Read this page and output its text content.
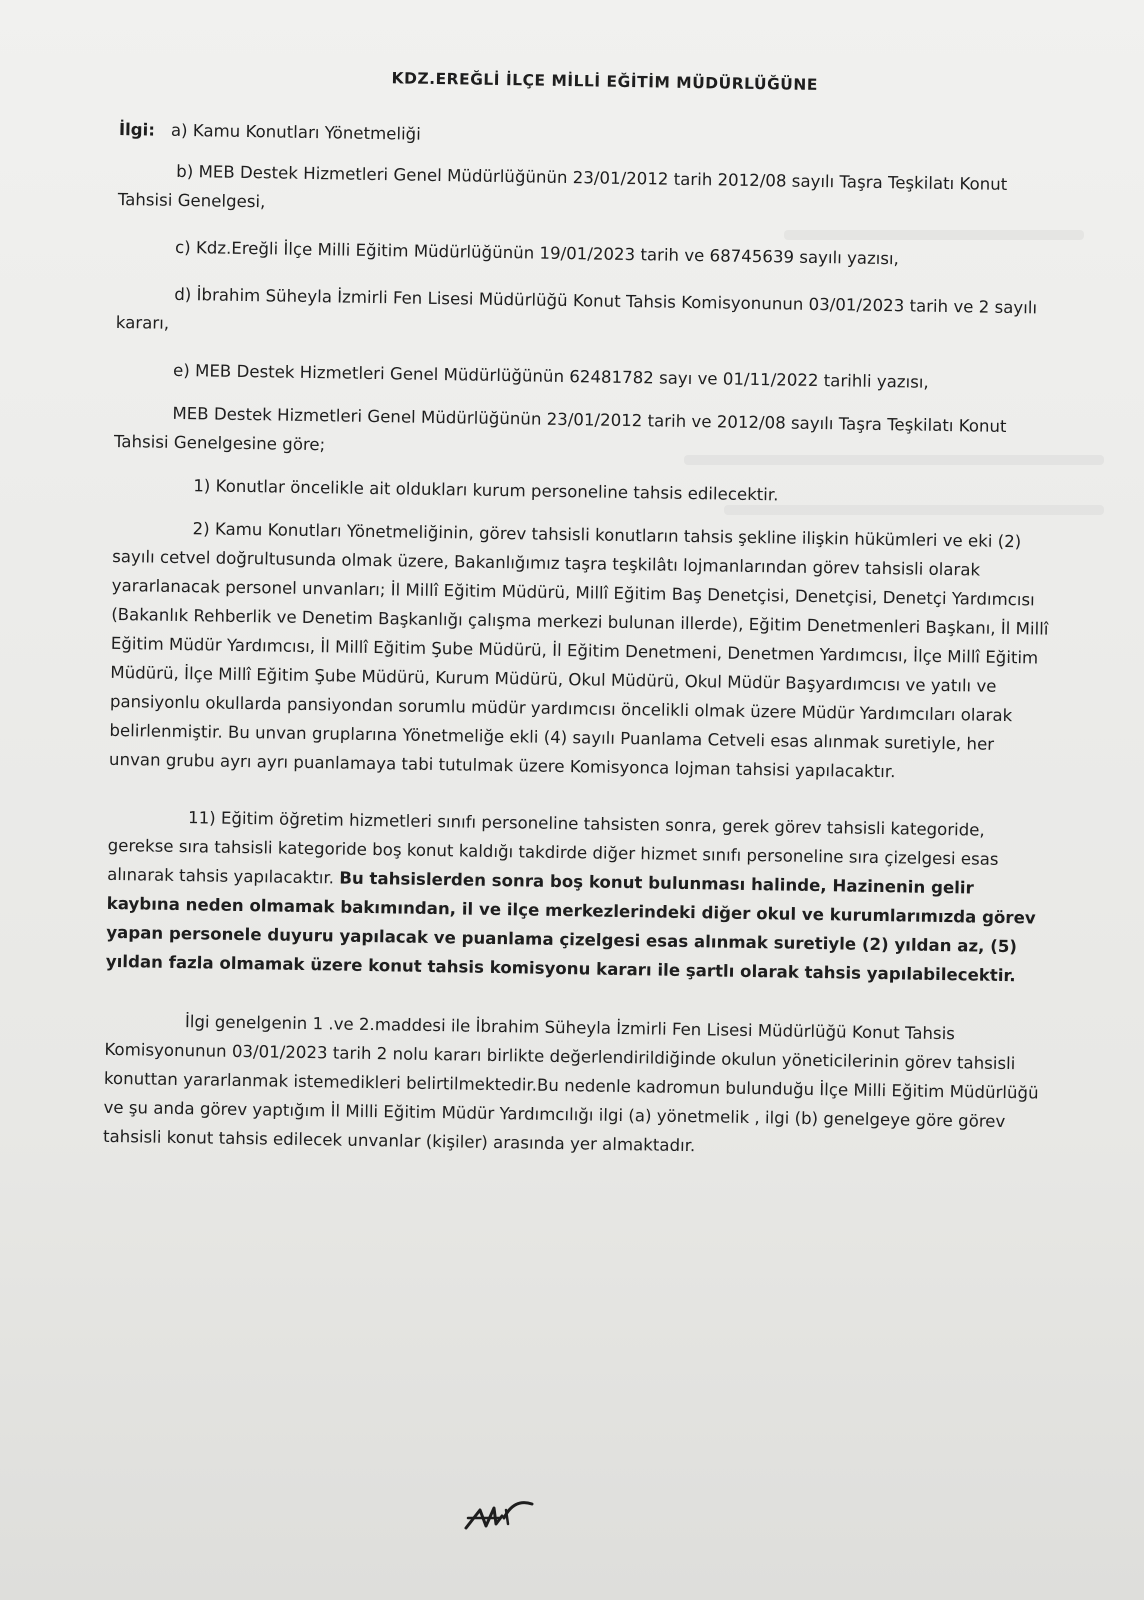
KDZ.EREĞLİ İLÇE MİLLİ EĞİTİM MÜDÜRLÜĞÜNE
İlgi: a) Kamu Konutları Yönetmeliği
b) MEB Destek Hizmetleri Genel Müdürlüğünün 23/01/2012 tarih 2012/08 sayılı Taşra Teşkilatı Konut Tahsisi Genelgesi,
c) Kdz.Ereğli İlçe Milli Eğitim Müdürlüğünün 19/01/2023 tarih ve 68745639 sayılı yazısı,
d) İbrahim Süheyla İzmirli Fen Lisesi Müdürlüğü Konut Tahsis Komisyonunun 03/01/2023 tarih ve 2 sayılı kararı,
e) MEB Destek Hizmetleri Genel Müdürlüğünün 62481782 sayı ve 01/11/2022 tarihli yazısı,
MEB Destek Hizmetleri Genel Müdürlüğünün 23/01/2012 tarih ve 2012/08 sayılı Taşra Teşkilatı Konut Tahsisi Genelgesine göre;
1) Konutlar öncelikle ait oldukları kurum personeline tahsis edilecektir.
2) Kamu Konutları Yönetmeliğinin, görev tahsisli konutların tahsis şekline ilişkin hükümleri ve eki (2) sayılı cetvel doğrultusunda olmak üzere, Bakanlığımız taşra teşkilâtı lojmanlarından görev tahsisli olarak yararlanacak personel unvanları; İl Millî Eğitim Müdürü, Millî Eğitim Baş Denetçisi, Denetçisi, Denetçi Yardımcısı (Bakanlık Rehberlik ve Denetim Başkanlığı çalışma merkezi bulunan illerde), Eğitim Denetmenleri Başkanı, İl Millî Eğitim Müdür Yardımcısı, İl Millî Eğitim Şube Müdürü, İl Eğitim Denetmeni, Denetmen Yardımcısı, İlçe Millî Eğitim Müdürü, İlçe Millî Eğitim Şube Müdürü, Kurum Müdürü, Okul Müdürü, Okul Müdür Başyardımcısı ve yatılı ve pansiyonlu okullarda pansiyondan sorumlu müdür yardımcısı öncelikli olmak üzere Müdür Yardımcıları olarak belirlenmiştir. Bu unvan gruplarına Yönetmeliğe ekli (4) sayılı Puanlama Cetveli esas alınmak suretiyle, her unvan grubu ayrı ayrı puanlamaya tabi tutulmak üzere Komisyonca lojman tahsisi yapılacaktır.
11) Eğitim öğretim hizmetleri sınıfı personeline tahsisten sonra, gerek görev tahsisli kategoride, gerekse sıra tahsisli kategoride boş konut kaldığı takdirde diğer hizmet sınıfı personeline sıra çizelgesi esas alınarak tahsis yapılacaktır. Bu tahsislerden sonra boş konut bulunması halinde, Hazinenin gelir kaybına neden olmamak bakımından, il ve ilçe merkezlerindeki diğer okul ve kurumlarımızda görev yapan personele duyuru yapılacak ve puanlama çizelgesi esas alınmak suretiyle (2) yıldan az, (5) yıldan fazla olmamak üzere konut tahsis komisyonu kararı ile şartlı olarak tahsis yapılabilecektir.
İlgi genelgenin 1 .ve 2.maddesi ile İbrahim Süheyla İzmirli Fen Lisesi Müdürlüğü Konut Tahsis Komisyonunun 03/01/2023 tarih 2 nolu kararı birlikte değerlendirildiğinde okulun yöneticilerinin görev tahsisli konuttan yararlanmak istemedikleri belirtilmektedir.Bu nedenle kadromun bulunduğu İlçe Milli Eğitim Müdürlüğü ve şu anda görev yaptığım İl Milli Eğitim Müdür Yardımcılığı ilgi (a) yönetmelik , ilgi (b) genelgeye göre görev tahsisli konut tahsis edilecek unvanlar (kişiler) arasında yer almaktadır.
